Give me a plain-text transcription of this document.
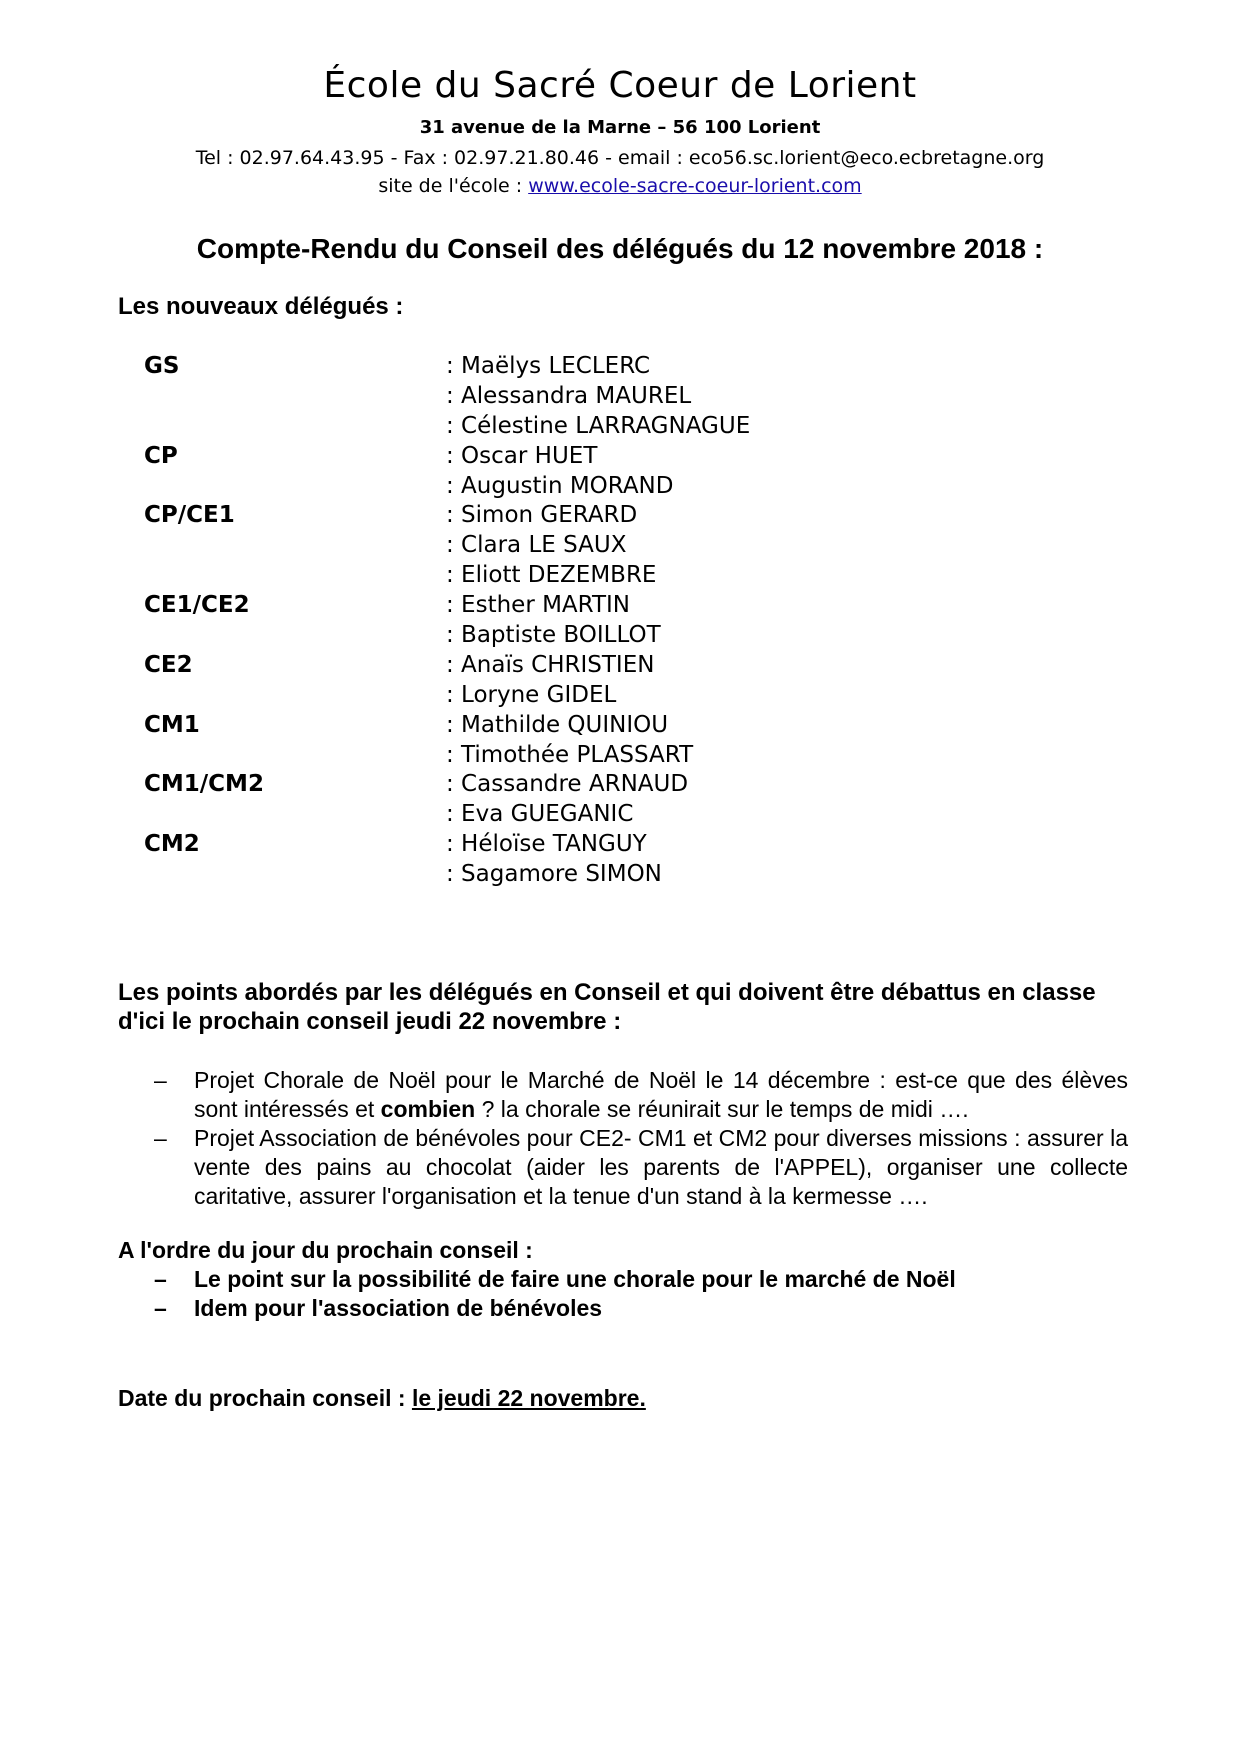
École du Sacré Coeur de Lorient
31 avenue de la Marne – 56 100 Lorient
Tel : 02.97.64.43.95 - Fax : 02.97.21.80.46 - email : eco56.sc.lorient@eco.ecbretagne.org
site de l'école : www.ecole-sacre-coeur-lorient.com
Compte-Rendu du Conseil des délégués du 12 novembre 2018 :
Les nouveaux délégués :
GS	: Maëlys LECLERC
: Alessandra MAUREL
: Célestine LARRAGNAGUE
CP	: Oscar HUET
: Augustin MORAND
CP/CE1	: Simon GERARD
: Clara LE SAUX
: Eliott DEZEMBRE
CE1/CE2	: Esther MARTIN
: Baptiste BOILLOT
CE2	: Anaïs CHRISTIEN
: Loryne GIDEL
CM1	: Mathilde QUINIOU
: Timothée PLASSART
CM1/CM2	: Cassandre ARNAUD
: Eva GUEGANIC
CM2	: Héloïse TANGUY
: Sagamore SIMON
Les points abordés par les délégués en Conseil et qui doivent être débattus en classe d'ici le prochain conseil jeudi 22 novembre :
– Projet Chorale de Noël pour le Marché de Noël le 14 décembre : est-ce que des élèves sont intéressés et combien ? la chorale se réunirait sur le temps de midi ….
– Projet Association de bénévoles pour CE2- CM1 et CM2 pour diverses missions : assurer la vente des pains au chocolat (aider les parents de l'APPEL), organiser une collecte caritative, assurer l'organisation et la tenue d'un stand à la kermesse ….
A l'ordre du jour du prochain conseil :
– Le point sur la possibilité de faire une chorale pour le marché de Noël
– Idem pour l'association de bénévoles
Date du prochain conseil : le jeudi 22 novembre.
